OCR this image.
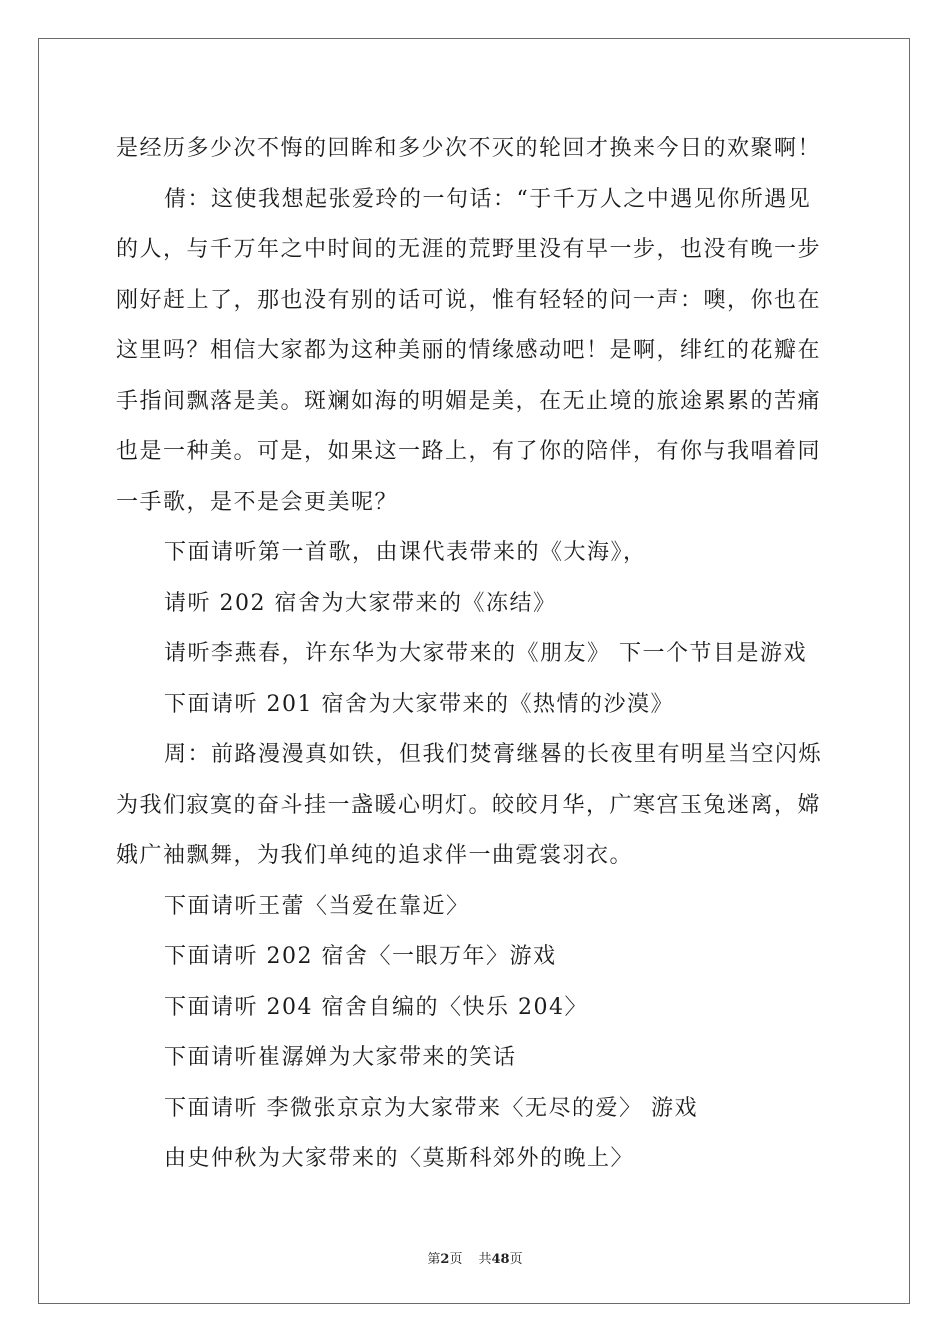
是经历多少次不悔的回眸和多少次不灭的轮回才换来今日的欢聚啊！
倩：这使我想起张爱玲的一句话：“于千万人之中遇见你所遇见
的人，与千万年之中时间的无涯的荒野里没有早一步，也没有晚一步
刚好赶上了，那也没有别的话可说，惟有轻轻的问一声：噢，你也在
这里吗？相信大家都为这种美丽的情缘感动吧！是啊，绯红的花瓣在
手指间飘落是美。斑斓如海的明媚是美，在无止境的旅途累累的苦痛
也是一种美。可是，如果这一路上，有了你的陪伴，有你与我唱着同
一手歌，是不是会更美呢？
下面请听第一首歌，由课代表带来的《大海》，
请听 202 宿舍为大家带来的《冻结》
请听李燕春，许东华为大家带来的《朋友》 下一个节目是游戏
下面请听 201 宿舍为大家带来的《热情的沙漠》
周：前路漫漫真如铁，但我们焚膏继晷的长夜里有明星当空闪烁
为我们寂寞的奋斗挂一盏暖心明灯。皎皎月华，广寒宫玉兔迷离，嫦
娥广袖飘舞，为我们单纯的追求伴一曲霓裳羽衣。
下面请听王蕾〈当爱在靠近〉
下面请听 202 宿舍〈一眼万年〉游戏
下面请听 204 宿舍自编的〈快乐 204〉
下面请听崔潺婵为大家带来的笑话
下面请听 李微张京京为大家带来〈无尽的爱〉 游戏
由史仲秋为大家带来的〈莫斯科郊外的晚上〉
第2页 共48页
